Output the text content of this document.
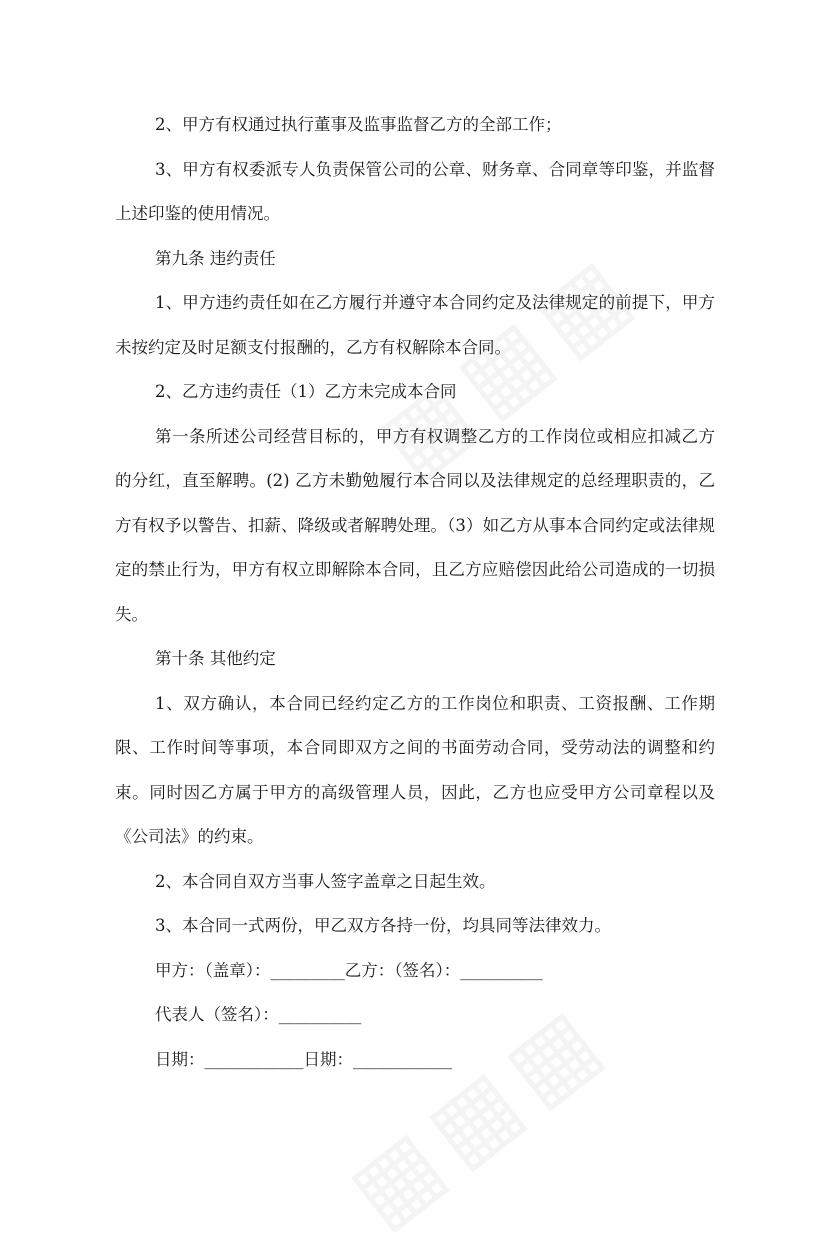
2、甲方有权通过执行董事及监事监督乙方的全部工作；

3、甲方有权委派专人负责保管公司的公章、财务章、合同章等印鉴，并监督上述印鉴的使用情况。

第九条 违约责任

1、甲方违约责任如在乙方履行并遵守本合同约定及法律规定的前提下，甲方未按约定及时足额支付报酬的，乙方有权解除本合同。

2、乙方违约责任（1）乙方未完成本合同

第一条所述公司经营目标的，甲方有权调整乙方的工作岗位或相应扣减乙方的分红，直至解聘。(2) 乙方未勤勉履行本合同以及法律规定的总经理职责的，乙方有权予以警告、扣薪、降级或者解聘处理。（3）如乙方从事本合同约定或法律规定的禁止行为，甲方有权立即解除本合同，且乙方应赔偿因此给公司造成的一切损失。

第十条 其他约定

1、双方确认，本合同已经约定乙方的工作岗位和职责、工资报酬、工作期限、工作时间等事项，本合同即双方之间的书面劳动合同，受劳动法的调整和约束。同时因乙方属于甲方的高级管理人员，因此，乙方也应受甲方公司章程以及《公司法》的约束。

2、本合同自双方当事人签字盖章之日起生效。

3、本合同一式两份，甲乙双方各持一份，均具同等法律效力。

甲方：（盖章）：_________乙方：（签名）：__________

代表人（签名）：__________

日期：____________日期：____________
